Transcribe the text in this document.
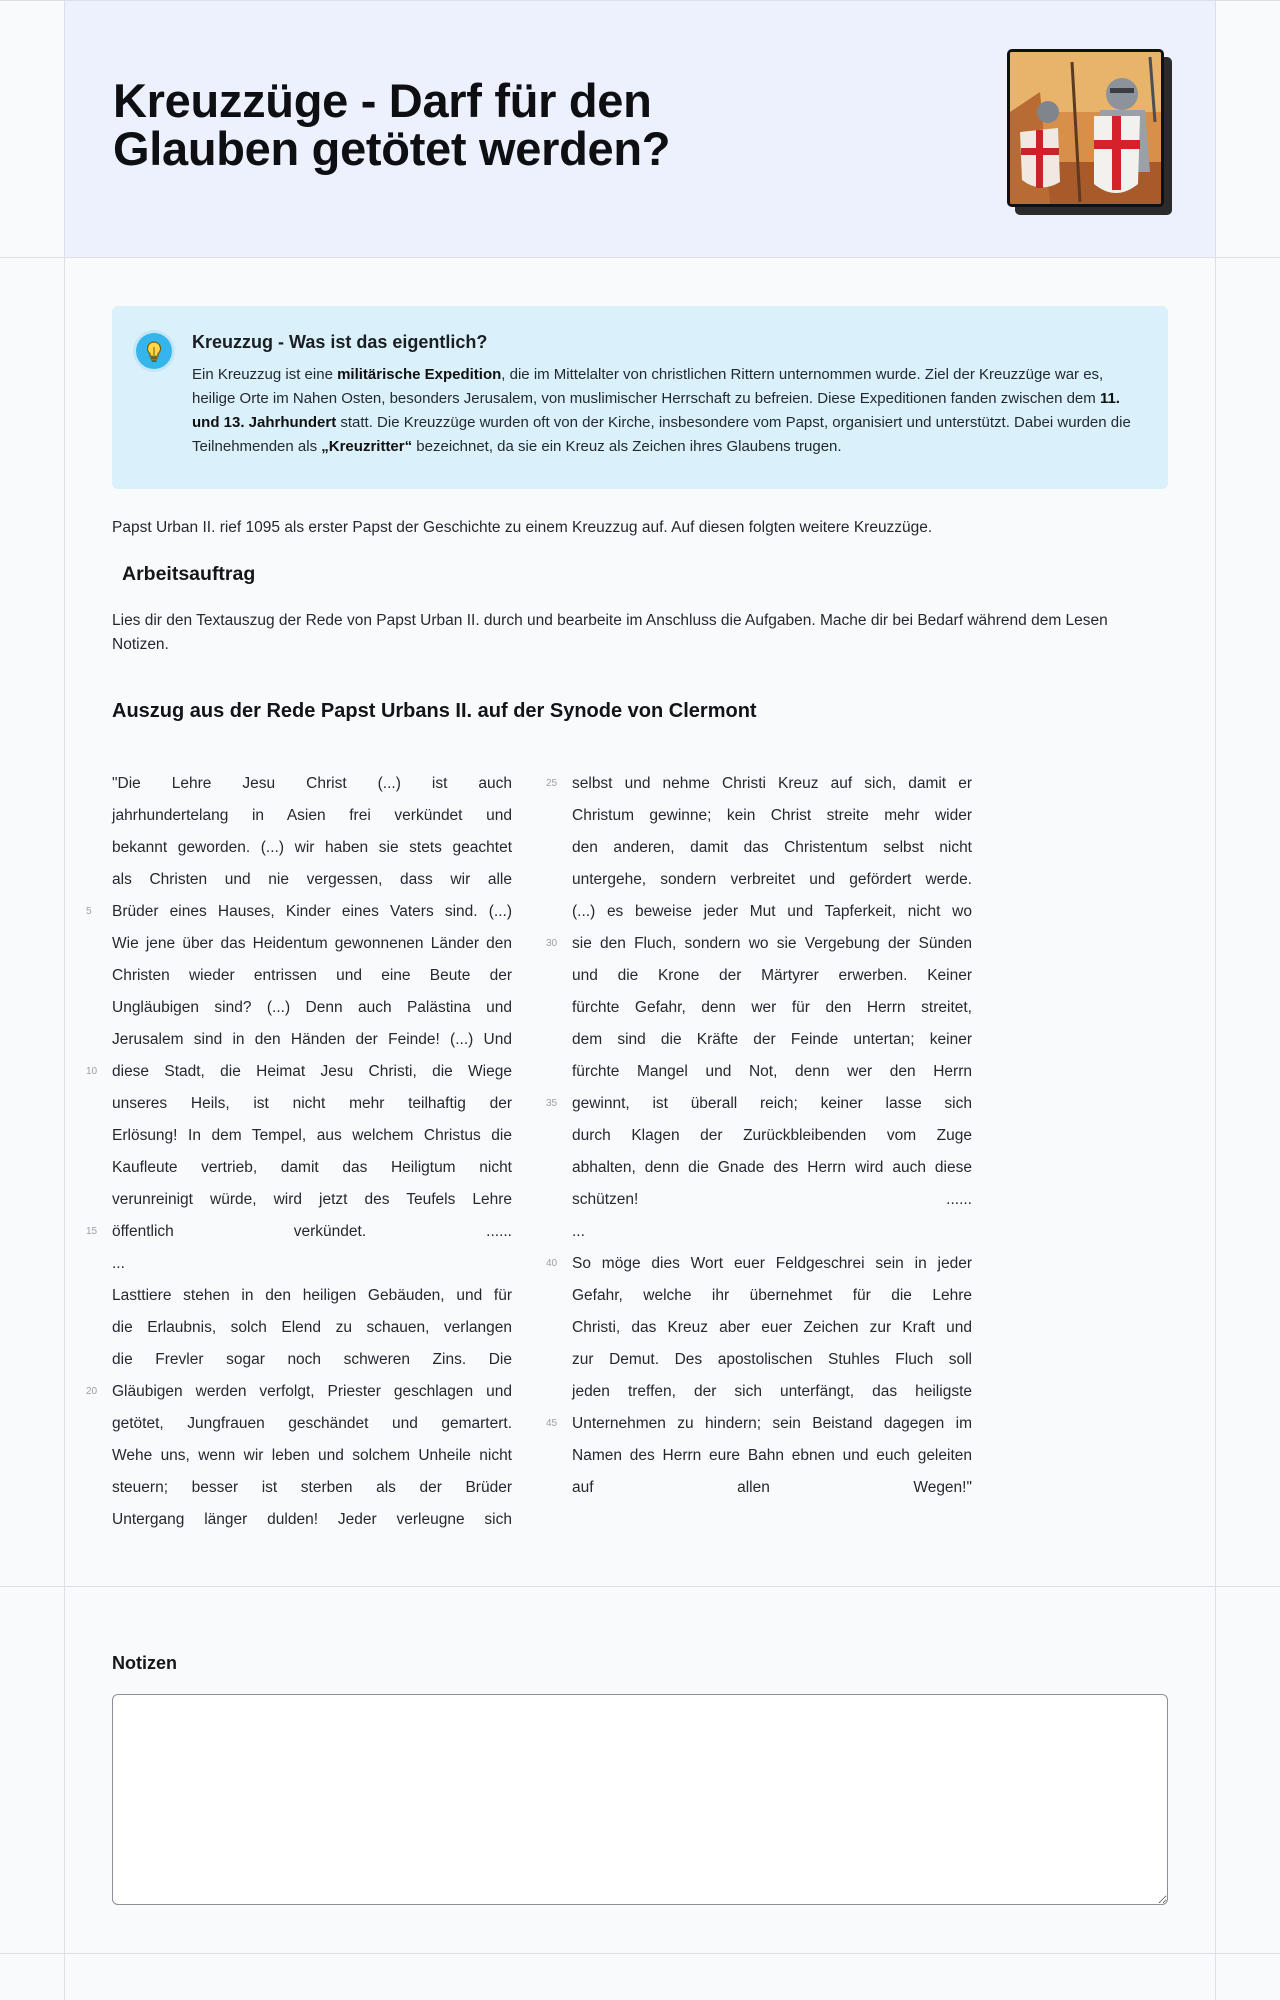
Kreuzzüge - Darf für den Glauben getötet werden?
Kreuzzug - Was ist das eigentlich?

Ein Kreuzzug ist eine militärische Expedition, die im Mittelalter von christlichen Rittern unternommen wurde. Ziel der Kreuzzüge war es, heilige Orte im Nahen Osten, besonders Jerusalem, von muslimischer Herrschaft zu befreien. Diese Expeditionen fanden zwischen dem 11. und 13. Jahrhundert statt. Die Kreuzzüge wurden oft von der Kirche, insbesondere vom Papst, organisiert und unterstützt. Dabei wurden die Teilnehmenden als „Kreuzritter“ bezeichnet, da sie ein Kreuz als Zeichen ihres Glaubens trugen.

Papst Urban II. rief 1095 als erster Papst der Geschichte zu einem Kreuzzug auf. Auf diesen folgten weitere Kreuzzüge.

Arbeitsauftrag

Lies dir den Textauszug der Rede von Papst Urban II. durch und bearbeite im Anschluss die Aufgaben. Mache dir bei Bedarf während dem Lesen Notizen.

Auszug aus der Rede Papst Urbans II. auf der Synode von Clermont
"Die Lehre Jesu Christ (...) ist auch
jahrhundertelang in Asien frei verkündet und
bekannt geworden. (...) wir haben sie stets geachtet
als Christen und nie vergessen, dass wir alle
Brüder eines Hauses, Kinder eines Vaters sind. (...)
5
Wie jene über das Heidentum gewonnenen Länder den
Christen wieder entrissen und eine Beute der
Ungläubigen sind? (...) Denn auch Palästina und
Jerusalem sind in den Händen der Feinde! (...) Und
diese Stadt, die Heimat Jesu Christi, die Wiege
10
unseres Heils, ist nicht mehr teilhaftig der
Erlösung! In dem Tempel, aus welchem Christus die
Kaufleute vertrieb, damit das Heiligtum nicht
verunreinigt würde, wird jetzt des Teufels Lehre
öffentlich verkündet. ......
15
...
Lasttiere stehen in den heiligen Gebäuden, und für
die Erlaubnis, solch Elend zu schauen, verlangen
die Frevler sogar noch schweren Zins. Die
Gläubigen werden verfolgt, Priester geschlagen und
20
getötet, Jungfrauen geschändet und gemartert.
Wehe uns, wenn wir leben und solchem Unheile nicht
steuern; besser ist sterben als der Brüder
Untergang länger dulden! Jeder verleugne sich
selbst und nehme Christi Kreuz auf sich, damit er
25
Christum gewinne; kein Christ streite mehr wider
den anderen, damit das Christentum selbst nicht
untergehe, sondern verbreitet und gefördert werde.
(...) es beweise jeder Mut und Tapferkeit, nicht wo
sie den Fluch, sondern wo sie Vergebung der Sünden
30
und die Krone der Märtyrer erwerben. Keiner
fürchte Gefahr, denn wer für den Herrn streitet,
dem sind die Kräfte der Feinde untertan; keiner
fürchte Mangel und Not, denn wer den Herrn
gewinnt, ist überall reich; keiner lasse sich
35
durch Klagen der Zurückbleibenden vom Zuge
abhalten, denn die Gnade des Herrn wird auch diese
schützen! ......
...
So möge dies Wort euer Feldgeschrei sein in jeder
40
Gefahr, welche ihr übernehmet für die Lehre
Christi, das Kreuz aber euer Zeichen zur Kraft und
zur Demut. Des apostolischen Stuhles Fluch soll
jeden treffen, der sich unterfängt, das heiligste
Unternehmen zu hindern; sein Beistand dagegen im
45
Namen des Herrn eure Bahn ebnen und euch geleiten
auf allen Wegen!"
Notizen
